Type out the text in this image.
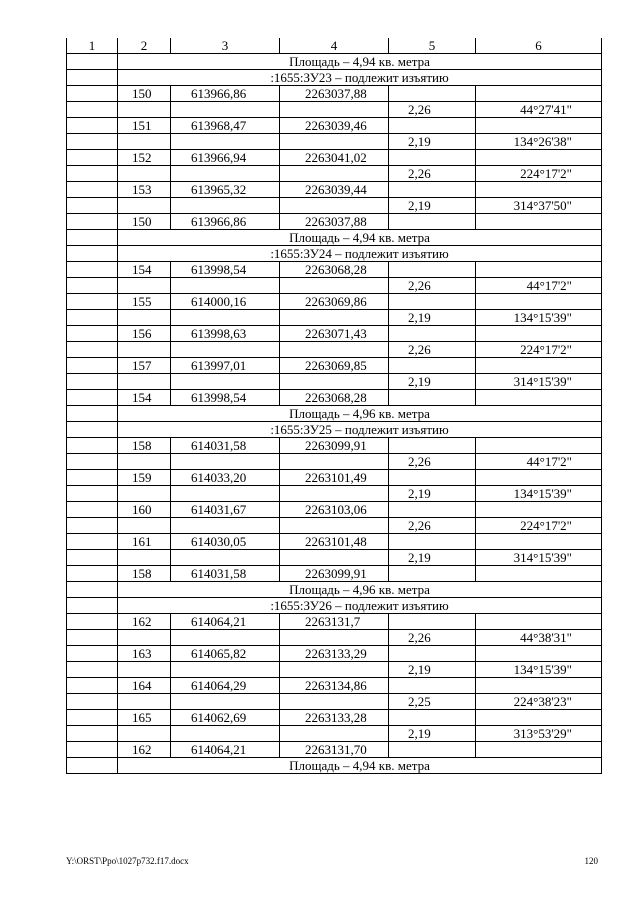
1	2	3	4	5	6
	Площадь – 4,94 кв. метра				
	:1655:ЗУ23 – подлежит изъятию				
	150	613966,86	2263037,88		
				2,26	44°27'41"
	151	613968,47	2263039,46		
				2,19	134°26'38"
	152	613966,94	2263041,02		
				2,26	224°17'2"
	153	613965,32	2263039,44		
				2,19	314°37'50"
	150	613966,86	2263037,88		
	Площадь – 4,94 кв. метра				
	:1655:ЗУ24 – подлежит изъятию				
	154	613998,54	2263068,28		
				2,26	44°17'2"
	155	614000,16	2263069,86		
				2,19	134°15'39"
	156	613998,63	2263071,43		
				2,26	224°17'2"
	157	613997,01	2263069,85		
				2,19	314°15'39"
	154	613998,54	2263068,28		
	Площадь – 4,96 кв. метра				
	:1655:ЗУ25 – подлежит изъятию				
	158	614031,58	2263099,91		
				2,26	44°17'2"
	159	614033,20	2263101,49		
				2,19	134°15'39"
	160	614031,67	2263103,06		
				2,26	224°17'2"
	161	614030,05	2263101,48		
				2,19	314°15'39"
	158	614031,58	2263099,91		
	Площадь – 4,96 кв. метра				
	:1655:ЗУ26 – подлежит изъятию				
	162	614064,21	2263131,7		
				2,26	44°38'31"
	163	614065,82	2263133,29		
				2,19	134°15'39"
	164	614064,29	2263134,86		
				2,25	224°38'23"
	165	614062,69	2263133,28		
				2,19	313°53'29"
	162	614064,21	2263131,70		
	Площадь – 4,94 кв. метра				
Y:\ORST\Ppo\1027p732.f17.docx	120
